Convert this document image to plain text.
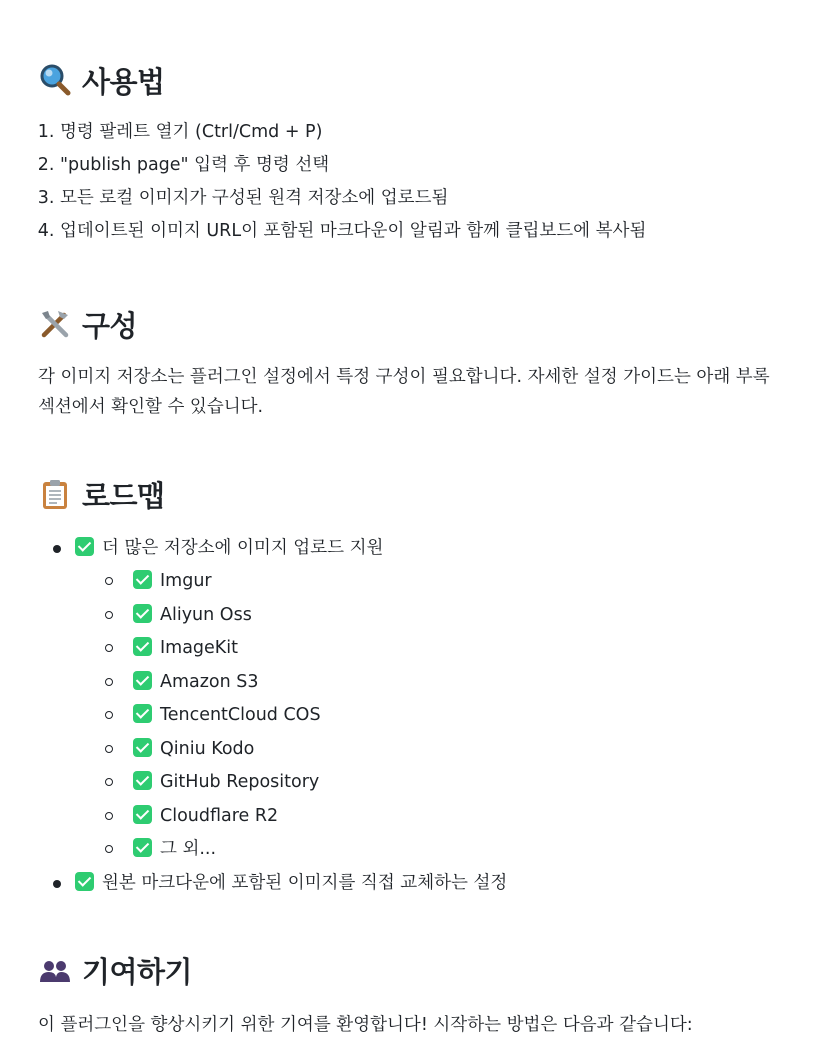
사용법
1. 명령 팔레트 열기 (Ctrl/Cmd + P)
2. "publish page" 입력 후 명령 선택
3. 모든 로컬 이미지가 구성된 원격 저장소에 업로드됨
4. 업데이트된 이미지 URL이 포함된 마크다운이 알림과 함께 클립보드에 복사됨
구성

각 이미지 저장소는 플러그인 설정에서 특정 구성이 필요합니다. 자세한 설정 가이드는 아래 부록 섹션에서 확인할 수 있습니다.

로드맵
더 많은 저장소에 이미지 업로드 지원
Imgur
Aliyun Oss
ImageKit
Amazon S3
TencentCloud COS
Qiniu Kodo
GitHub Repository
Cloudflare R2
그 외...
원본 마크다운에 포함된 이미지를 직접 교체하는 설정
기여하기

이 플러그인을 향상시키기 위한 기여를 환영합니다! 시작하는 방법은 다음과 같습니다:
